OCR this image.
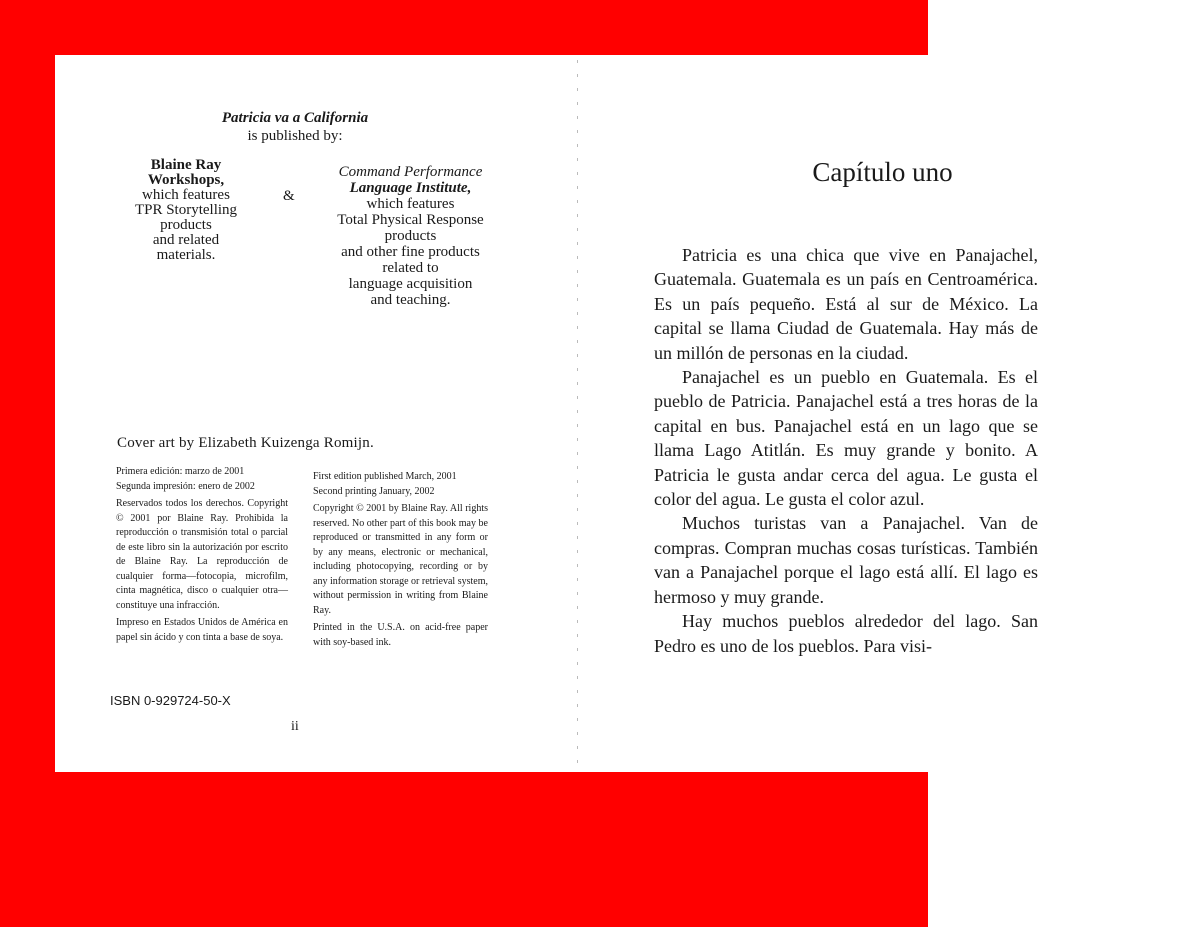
Patricia va a California
is published by:
Blaine Ray
Workshops,
which features
TPR Storytelling
products
and related
materials.
&
Command Performance
Language Institute,
which features
Total Physical Response
products
and other fine products
related to
language acquisition
and teaching.
Cover art by Elizabeth Kuizenga Romijn.

Primera edición: marzo de 2001

Segunda impresión: enero de 2002

Reservados todos los derechos. Copyright © 2001 por Blaine Ray. Prohibida la reproducción o transmisión total o parcial de este libro sin la autorización por escrito de Blaine Ray. La reproducción de cualquier forma—fotocopia, microfilm, cinta magnética, disco o cualquier otra—constituye una infracción.

Impreso en Estados Unidos de América en papel sin ácido y con tinta a base de soya.

First edition published March, 2001

Second printing January, 2002

Copyright © 2001 by Blaine Ray. All rights reserved. No other part of this book may be reproduced or transmitted in any form or by any means, electronic or mechanical, including photocopying, recording or by any information storage or retrieval system, without permission in writing from Blaine Ray.

Printed in the U.S.A. on acid-free paper with soy-based ink.

ISBN 0-929724-50-X
ii
Capítulo uno

Patricia es una chica que vive en Panajachel, Guatemala. Guatemala es un país en Centroamérica. Es un país pequeño. Está al sur de México. La capital se llama Ciudad de Guatemala. Hay más de un millón de personas en la ciudad.

Panajachel es un pueblo en Guatemala. Es el pueblo de Patricia. Panajachel está a tres horas de la capital en bus. Panajachel está en un lago que se llama Lago Atitlán. Es muy grande y bonito. A Patricia le gusta andar cerca del agua. Le gusta el color del agua. Le gusta el color azul.

Muchos turistas van a Panajachel. Van de compras. Compran muchas cosas turísticas. También van a Panajachel porque el lago está allí. El lago es hermoso y muy grande.

Hay muchos pueblos alrededor del lago. San Pedro es uno de los pueblos. Para visi-
